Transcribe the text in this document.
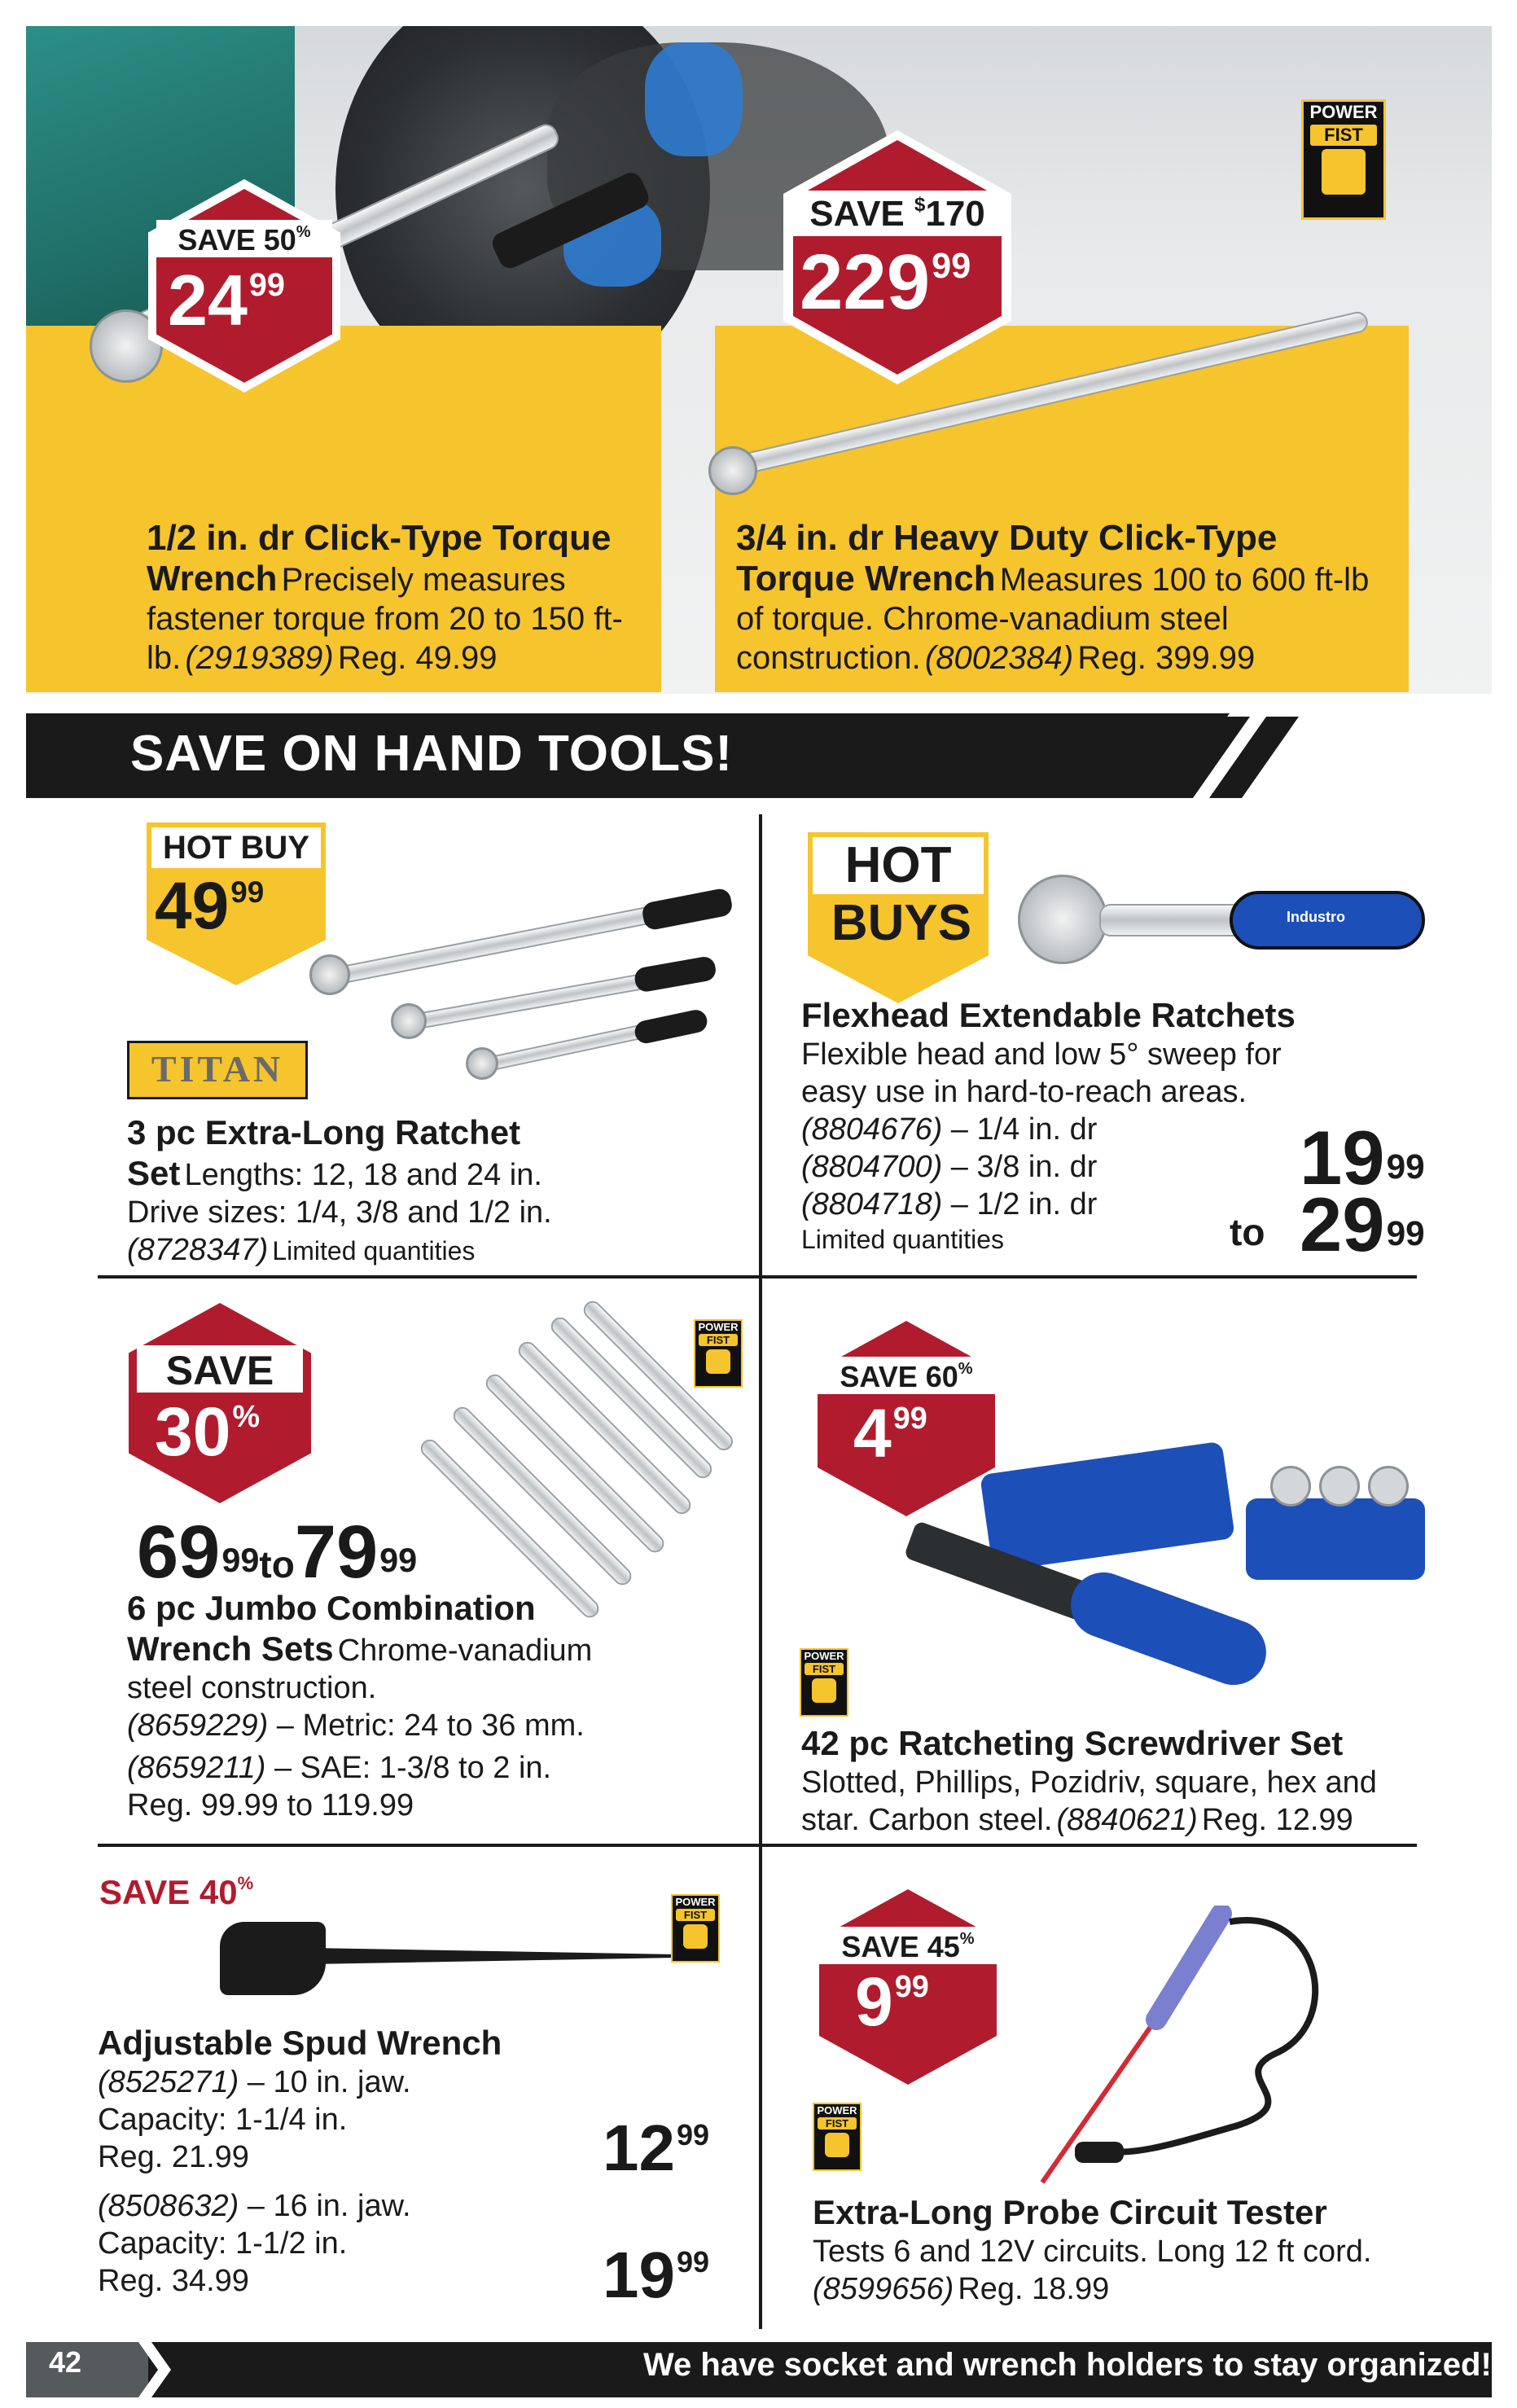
SAVE 50%
$24^{99}$
SAVE $170
$229^{99}$
POWER
FIST
1/2 in. dr Click-Type Torque Wrench Precisely measures fastener torque from 20 to 150 ft-lb. (2919389) Reg. 49.99
3/4 in. dr Heavy Duty Click-Type Torque Wrench Measures 100 to 600 ft-lb of torque. Chrome-vanadium steel construction. (8002384) Reg. 399.99
SAVE ON HAND TOOLS!
HOT BUY
$49^{99}$
TITAN
3 pc Extra-Long Ratchet
Set Lengths: 12, 18 and 24 in.
Drive sizes: 1/4, 3/8 and 1/2 in.
(8728347) Limited quantities
HOT
BUYS	Industro
Flexhead Extendable Ratchets
Flexible head and low 5° sweep for
easy use in hard-to-reach areas.
(8804676) – 1/4 in. dr
(8804700) – 3/8 in. dr
(8804718) – 1/2 in. dr
Limited quantities
$19^{99}$
to $29^{99}$
SAVE
30%
POWER
FIST
$69^{99}to79^{99}$
6 pc Jumbo Combination
Wrench Sets Chrome-vanadium
steel construction.
(8659229) – Metric: 24 to 36 mm.
(8659211) – SAE: 1-3/8 to 2 in.
Reg. 99.99 to 119.99
SAVE 60%
$4^{99}$
POWER
FIST
42 pc Ratcheting Screwdriver Set
Slotted, Phillips, Pozidriv, square, hex and
star. Carbon steel. (8840621) Reg. 12.99
SAVE 40%
POWER
FIST
Adjustable Spud Wrench
(8525271) – 10 in. jaw.
Capacity: 1-1/4 in.
Reg. 21.99
(8508632) – 16 in. jaw.
Capacity: 1-1/2 in.
Reg. 34.99
$12^{99}$
$19^{99}$
SAVE 45%
$9^{99}$
POWER
FIST
Extra-Long Probe Circuit Tester
Tests 6 and 12V circuits. Long 12 ft cord.
(8599656) Reg. 18.99
42	We have socket and wrench holders to stay organized!
